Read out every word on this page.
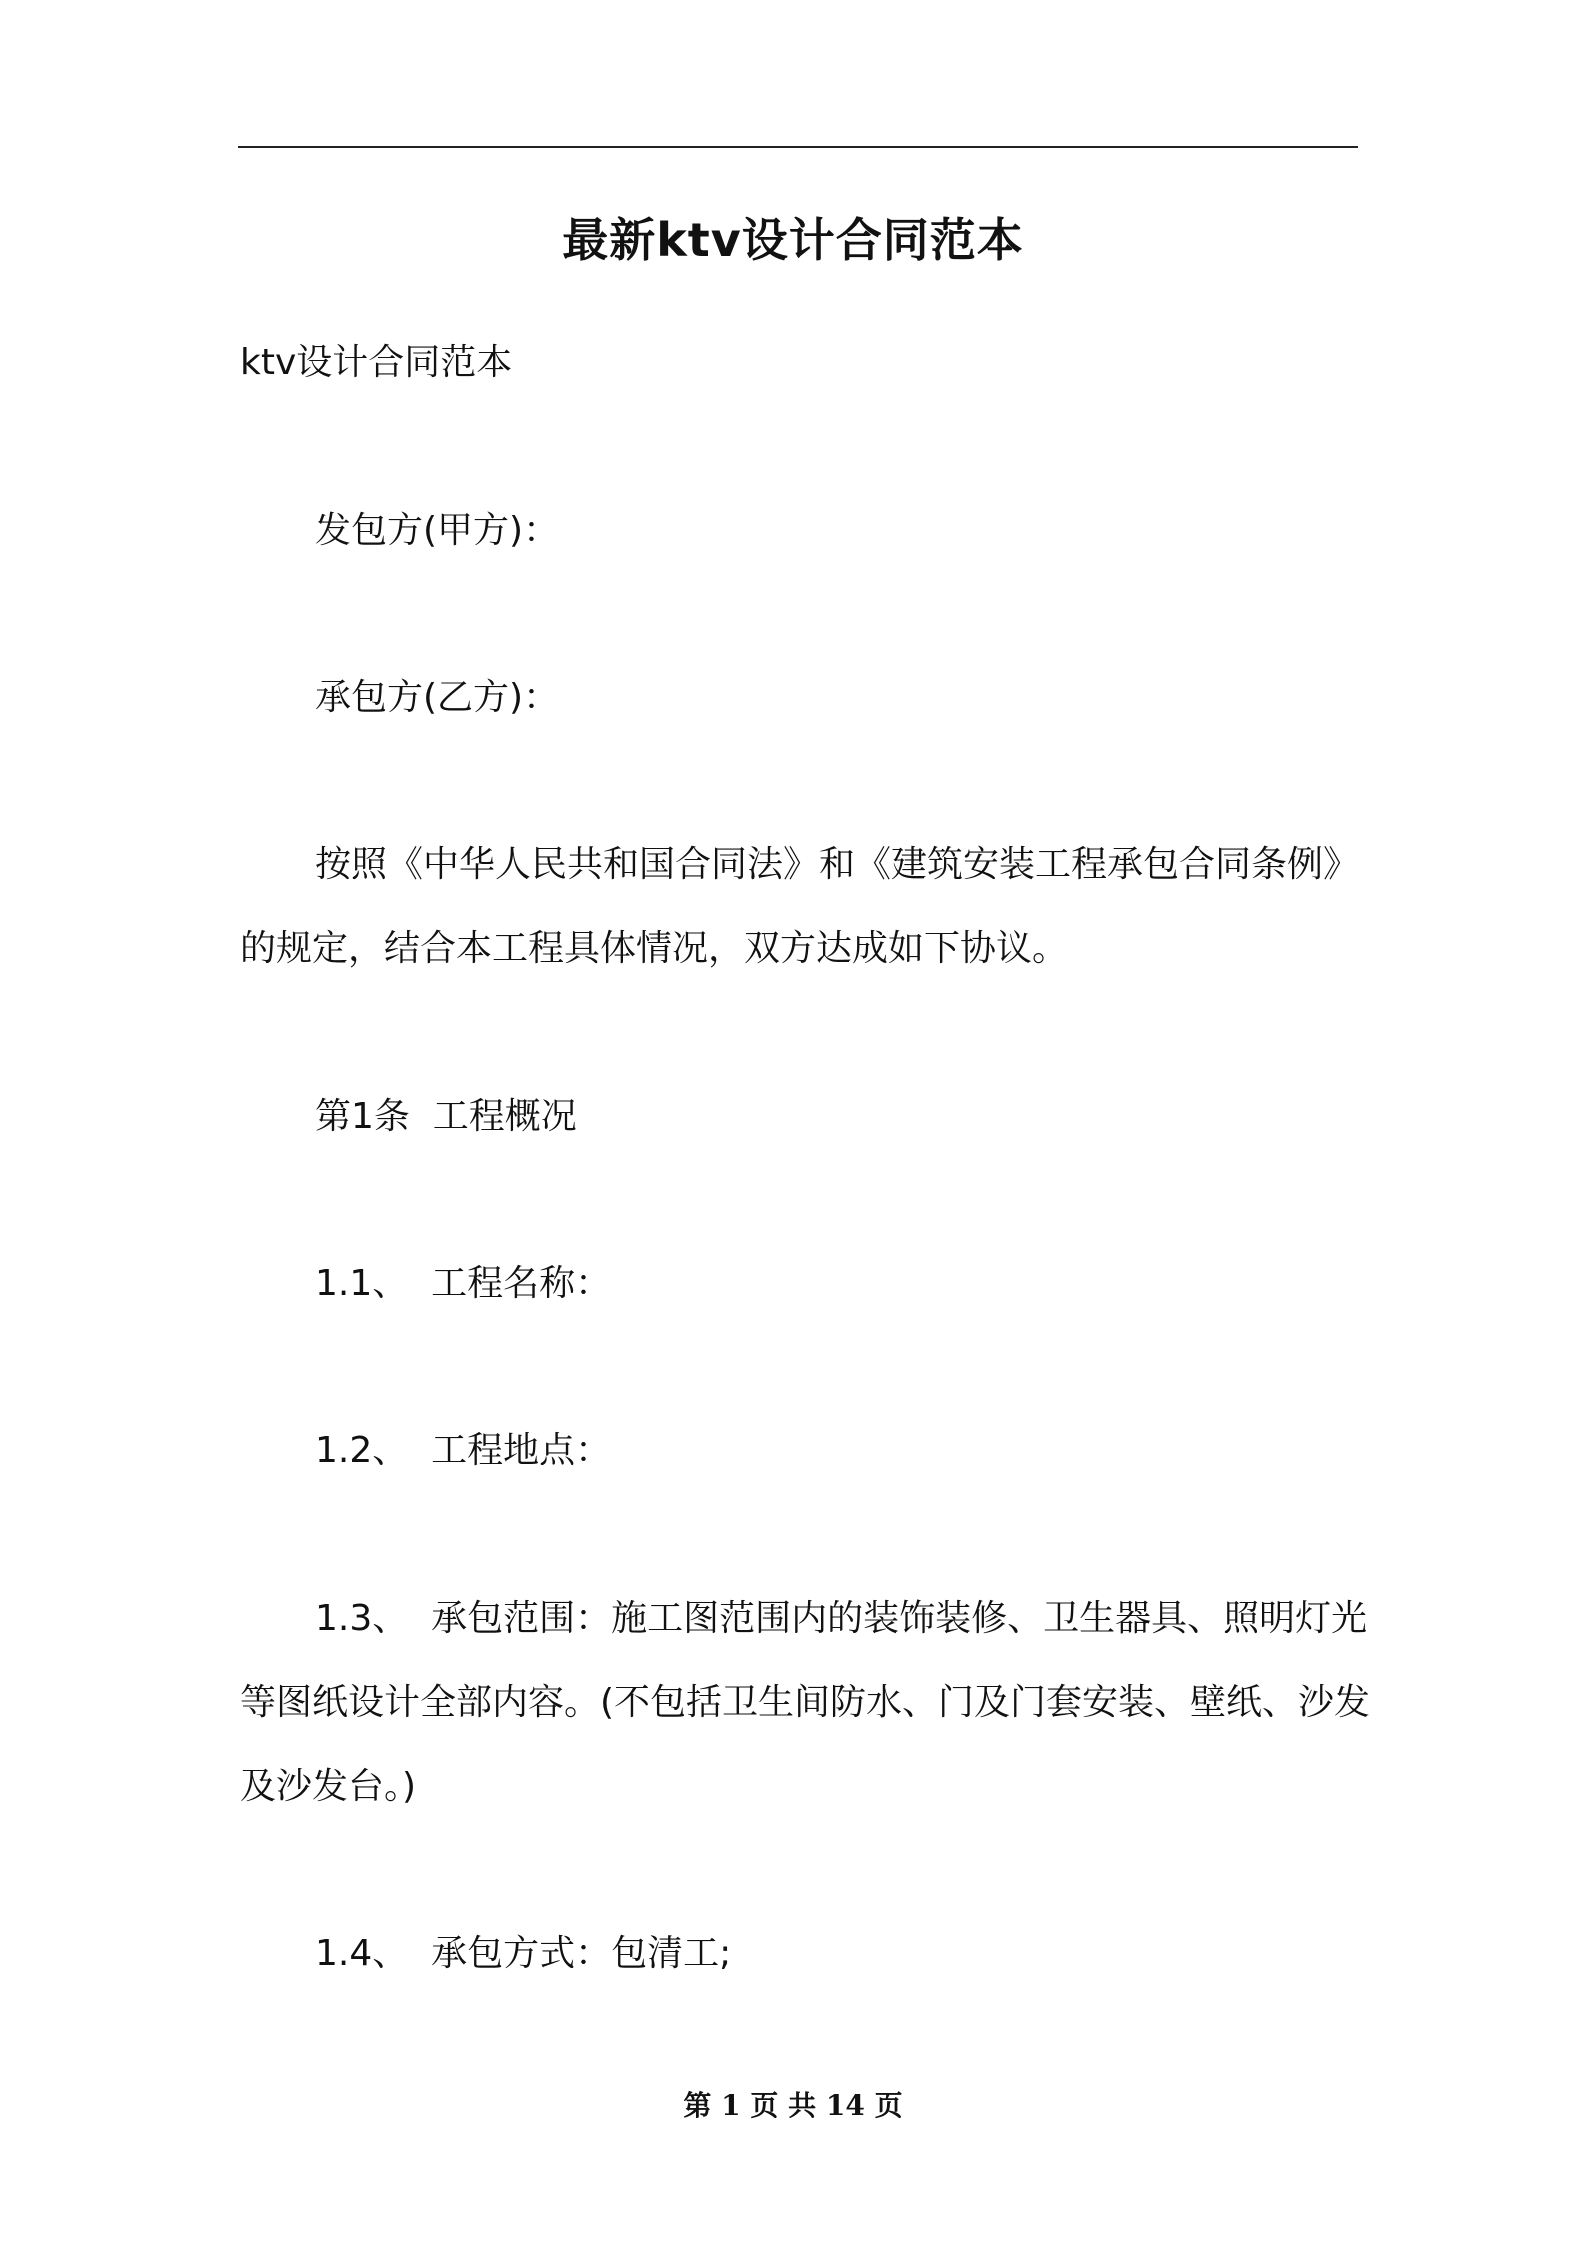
最新ktv设计合同范本

ktv设计合同范本

发包方(甲方)：

承包方(乙方)：

按照《中华人民共和国合同法》和《建筑安装工程承包合同条例》的规定，结合本工程具体情况，双方达成如下协议。

第1条  工程概况

1.1、  工程名称：

1.2、  工程地点：

1.3、  承包范围：施工图范围内的装饰装修、卫生器具、照明灯光等图纸设计全部内容。(不包括卫生间防水、门及门套安装、壁纸、沙发及沙发台。)

1.4、  承包方式：包清工;

第 1 页 共 14 页
